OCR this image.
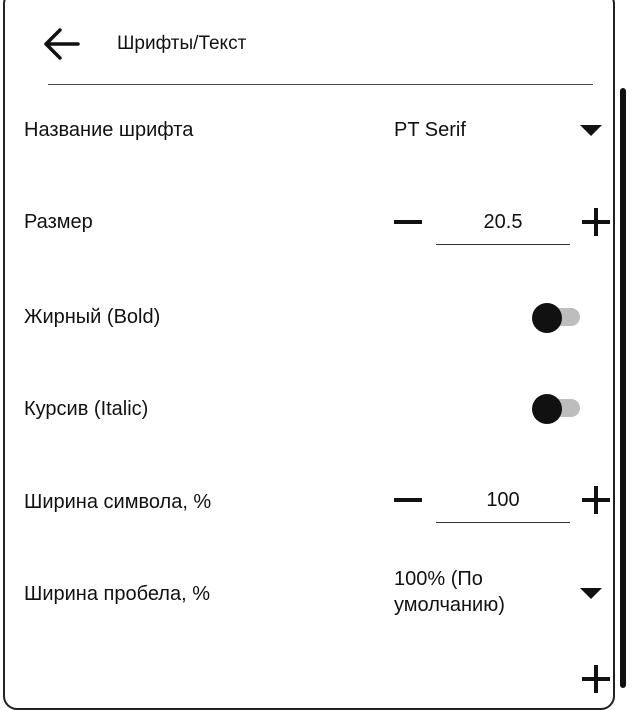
Шрифты/Текст
Название шрифта	PT Serif
Размер
20.5
Жирный (Bold)
Курсив (Italic)
Ширина символа, %
100
Ширина пробела, %
100% (По
умолчанию)
